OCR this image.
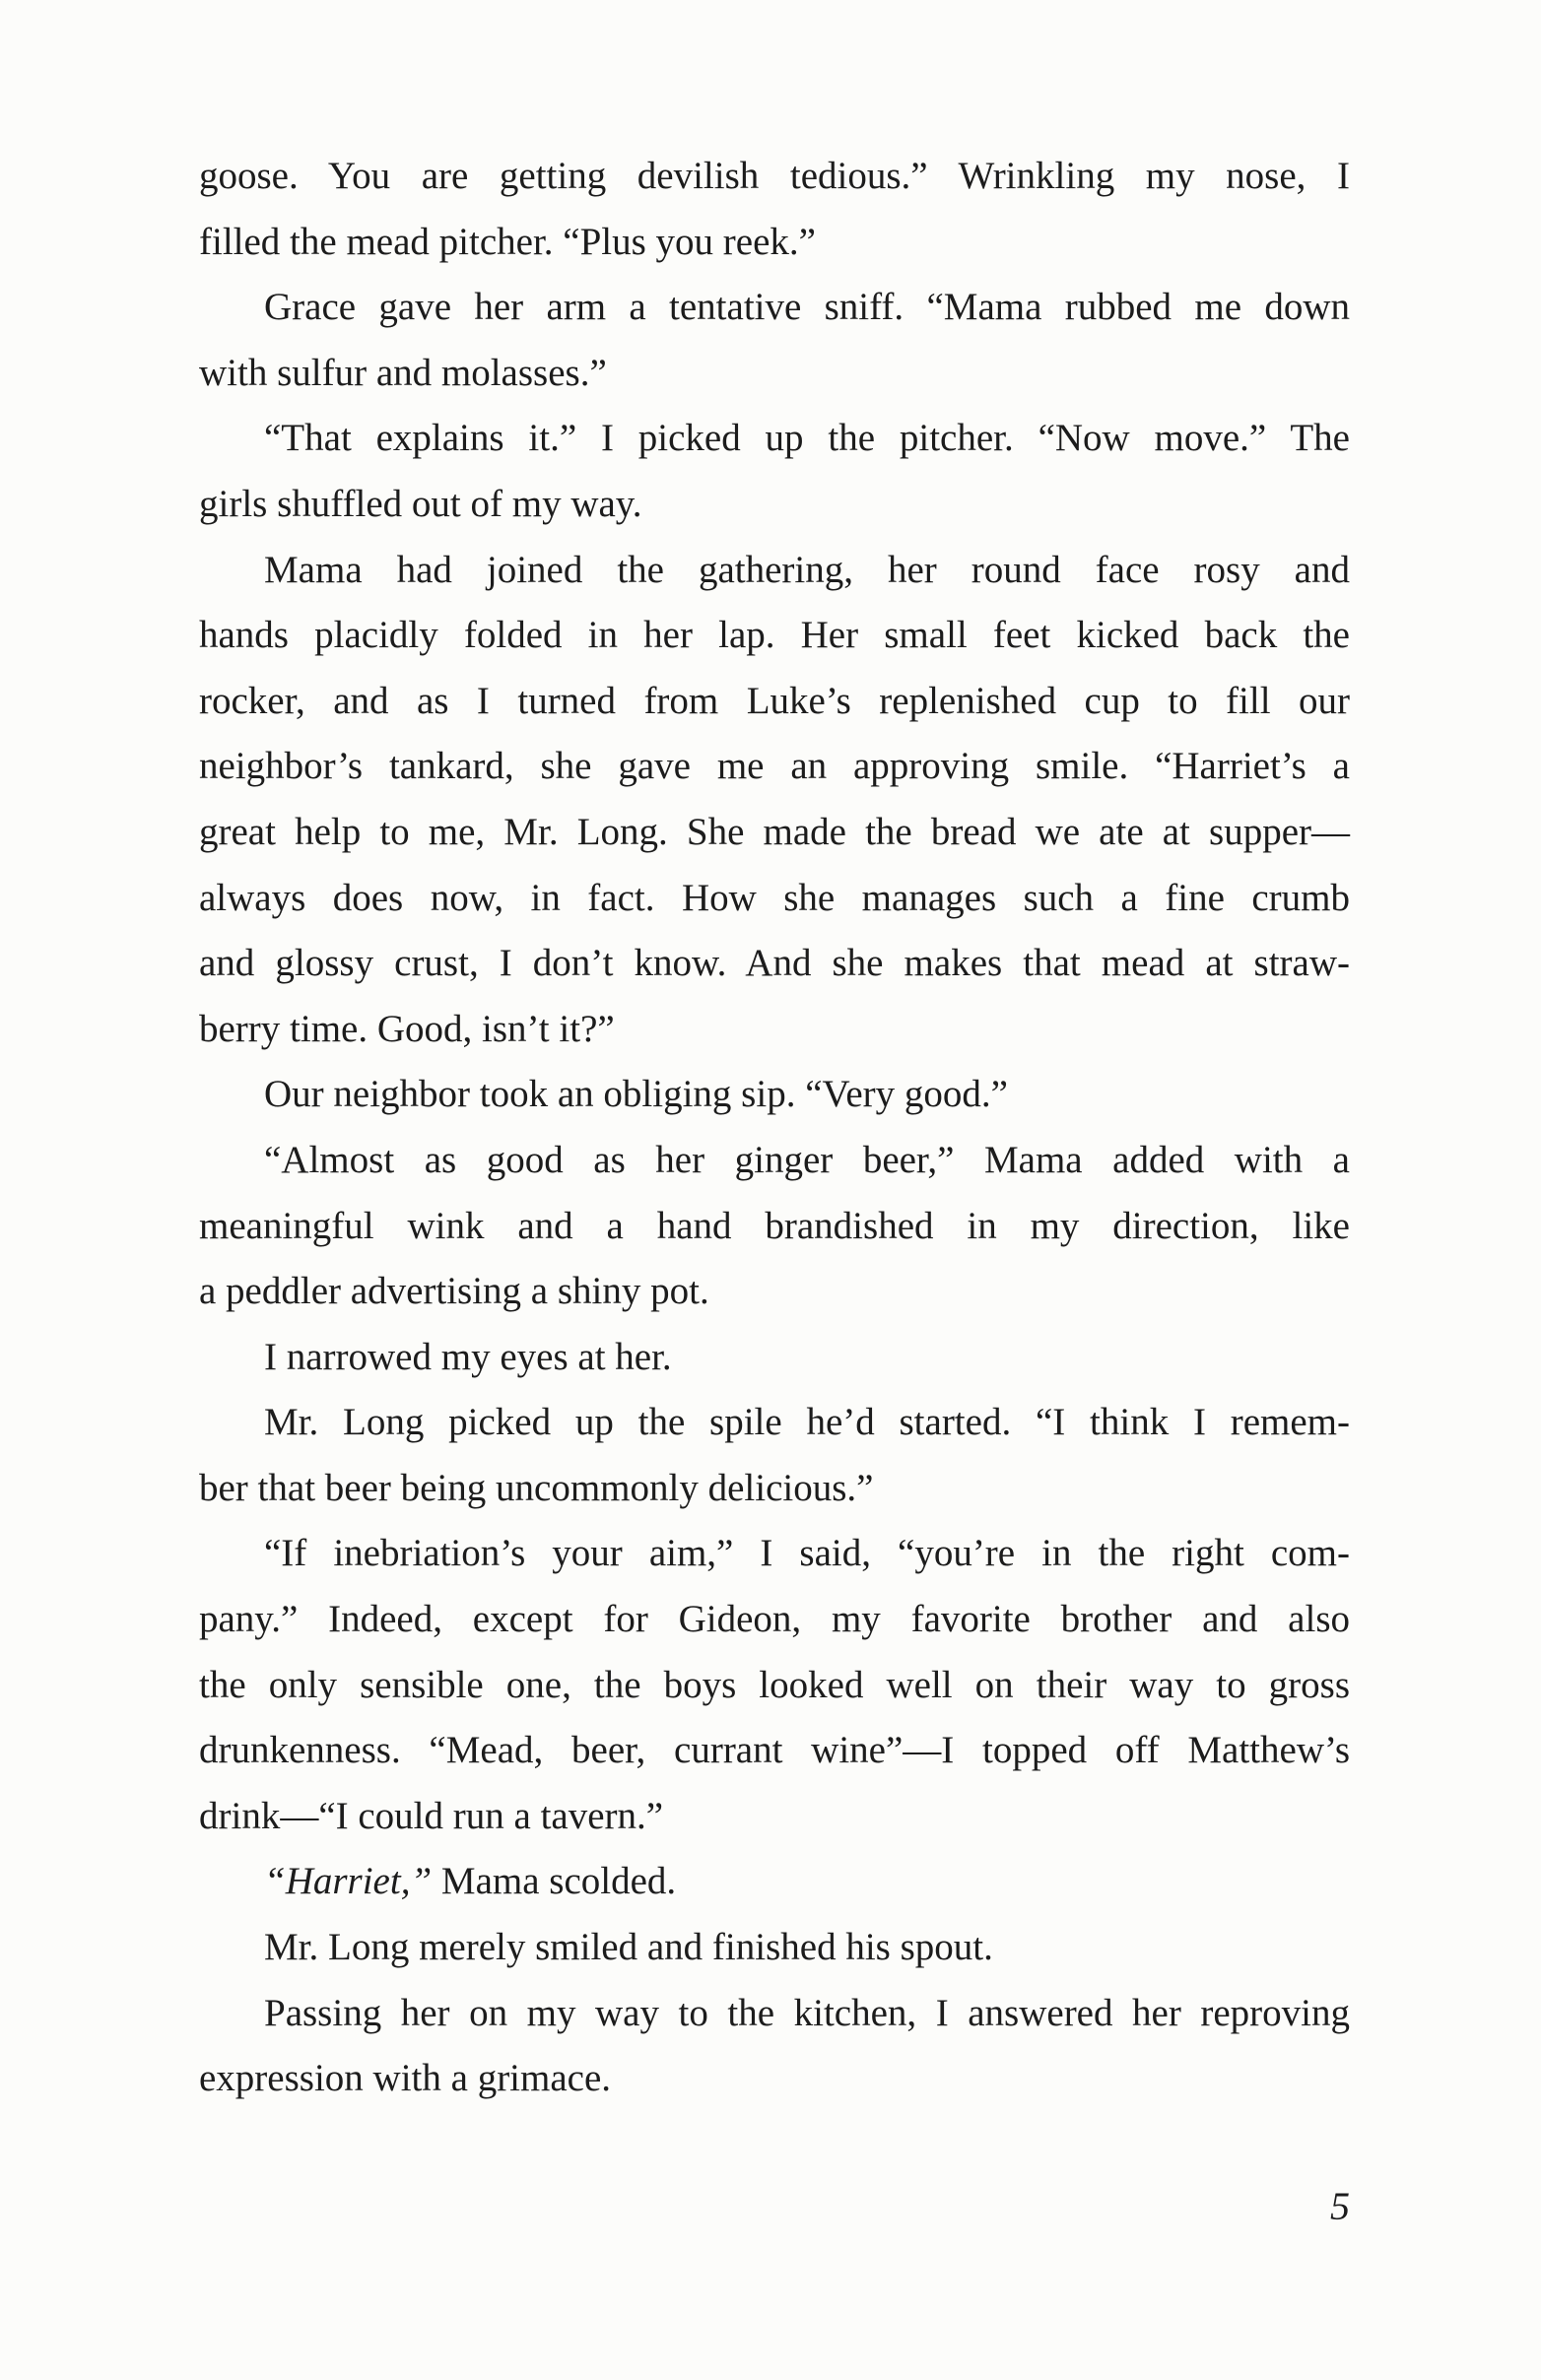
goose. You are getting devilish tedious.” Wrinkling my nose, I
filled the mead pitcher. “Plus you reek.”
Grace gave her arm a tentative sniff. “Mama rubbed me down
with sulfur and molasses.”
“That explains it.” I picked up the pitcher. “Now move.” The
girls shuffled out of my way.
Mama had joined the gathering, her round face rosy and
hands placidly folded in her lap. Her small feet kicked back the
rocker, and as I turned from Luke’s replenished cup to fill our
neighbor’s tankard, she gave me an approving smile. “Harriet’s a
great help to me, Mr. Long. She made the bread we ate at supper—
always does now, in fact. How she manages such a fine crumb
and glossy crust, I don’t know. And she makes that mead at straw-
berry time. Good, isn’t it?”
Our neighbor took an obliging sip. “Very good.”
“Almost as good as her ginger beer,” Mama added with a
meaningful wink and a hand brandished in my direction, like
a peddler advertising a shiny pot.
I narrowed my eyes at her.
Mr. Long picked up the spile he’d started. “I think I remem-
ber that beer being uncommonly delicious.”
“If inebriation’s your aim,” I said, “you’re in the right com-
pany.” Indeed, except for Gideon, my favorite brother and also
the only sensible one, the boys looked well on their way to gross
drunkenness. “Mead, beer, currant wine”—I topped off Matthew’s
drink—“I could run a tavern.”
“Harriet,” Mama scolded.
Mr. Long merely smiled and finished his spout.
Passing her on my way to the kitchen, I answered her reproving
expression with a grimace.
5
